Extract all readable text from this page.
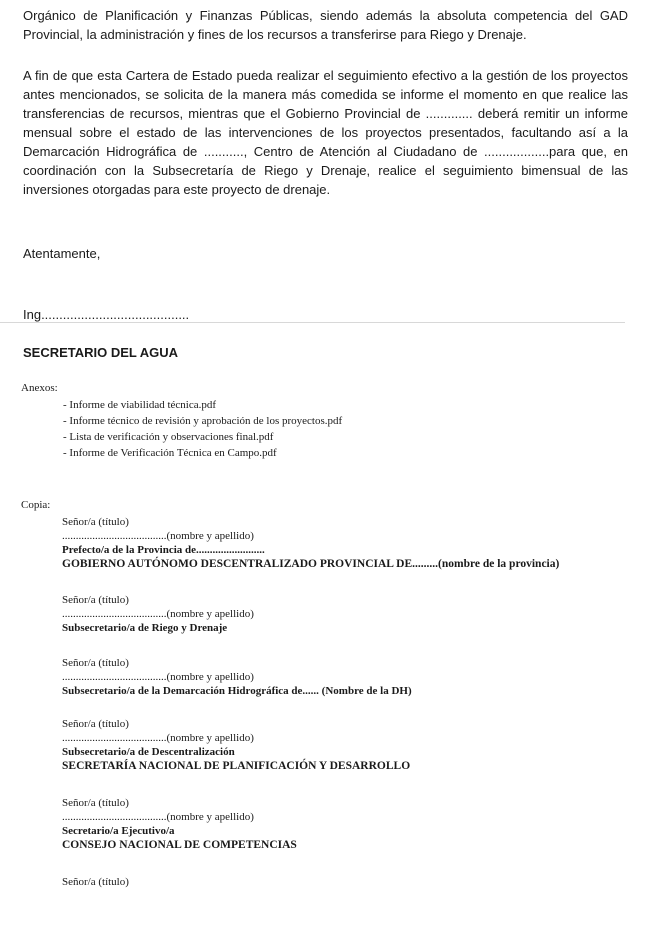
Orgánico de Planificación y Finanzas Públicas, siendo además la absoluta competencia del GAD Provincial, la administración y fines de los recursos a transferirse para Riego y Drenaje.

A fin de que esta Cartera de Estado pueda realizar el seguimiento efectivo a la gestión de los proyectos antes mencionados, se solicita de la manera más comedida se informe el momento en que realice las transferencias de recursos, mientras que el Gobierno Provincial de ............. deberá remitir un informe mensual sobre el estado de las intervenciones de los proyectos presentados, facultando así a la Demarcación Hidrográfica de ..........., Centro de Atención al Ciudadano de ..................para que, en coordinación con la Subsecretaría de Riego y Drenaje, realice el seguimiento bimensual de las inversiones otorgadas para este proyecto de drenaje.

Atentamente,

Ing.........................................

SECRETARIO DEL AGUA

Anexos:

- Informe de viabilidad técnica.pdf
- Informe técnico de revisión y aprobación de los proyectos.pdf
- Lista de verificación y observaciones final.pdf
- Informe de Verificación Técnica en Campo.pdf

Copia:

Señor/a (título)
......................................(nombre y apellido)
Prefecto/a de la Provincia de.........................
GOBIERNO AUTÓNOMO DESCENTRALIZADO PROVINCIAL DE.........(nombre de la provincia)
Señor/a (título)
......................................(nombre y apellido)
Subsecretario/a de Riego y Drenaje
Señor/a (título)
......................................(nombre y apellido)
Subsecretario/a de la Demarcación Hidrográfica de...... (Nombre de la DH)
Señor/a (título)
......................................(nombre y apellido)
Subsecretario/a de Descentralización
SECRETARÍA NACIONAL DE PLANIFICACIÓN Y DESARROLLO
Señor/a (título)
......................................(nombre y apellido)
Secretario/a Ejecutivo/a
CONSEJO NACIONAL DE COMPETENCIAS
Señor/a (título)
